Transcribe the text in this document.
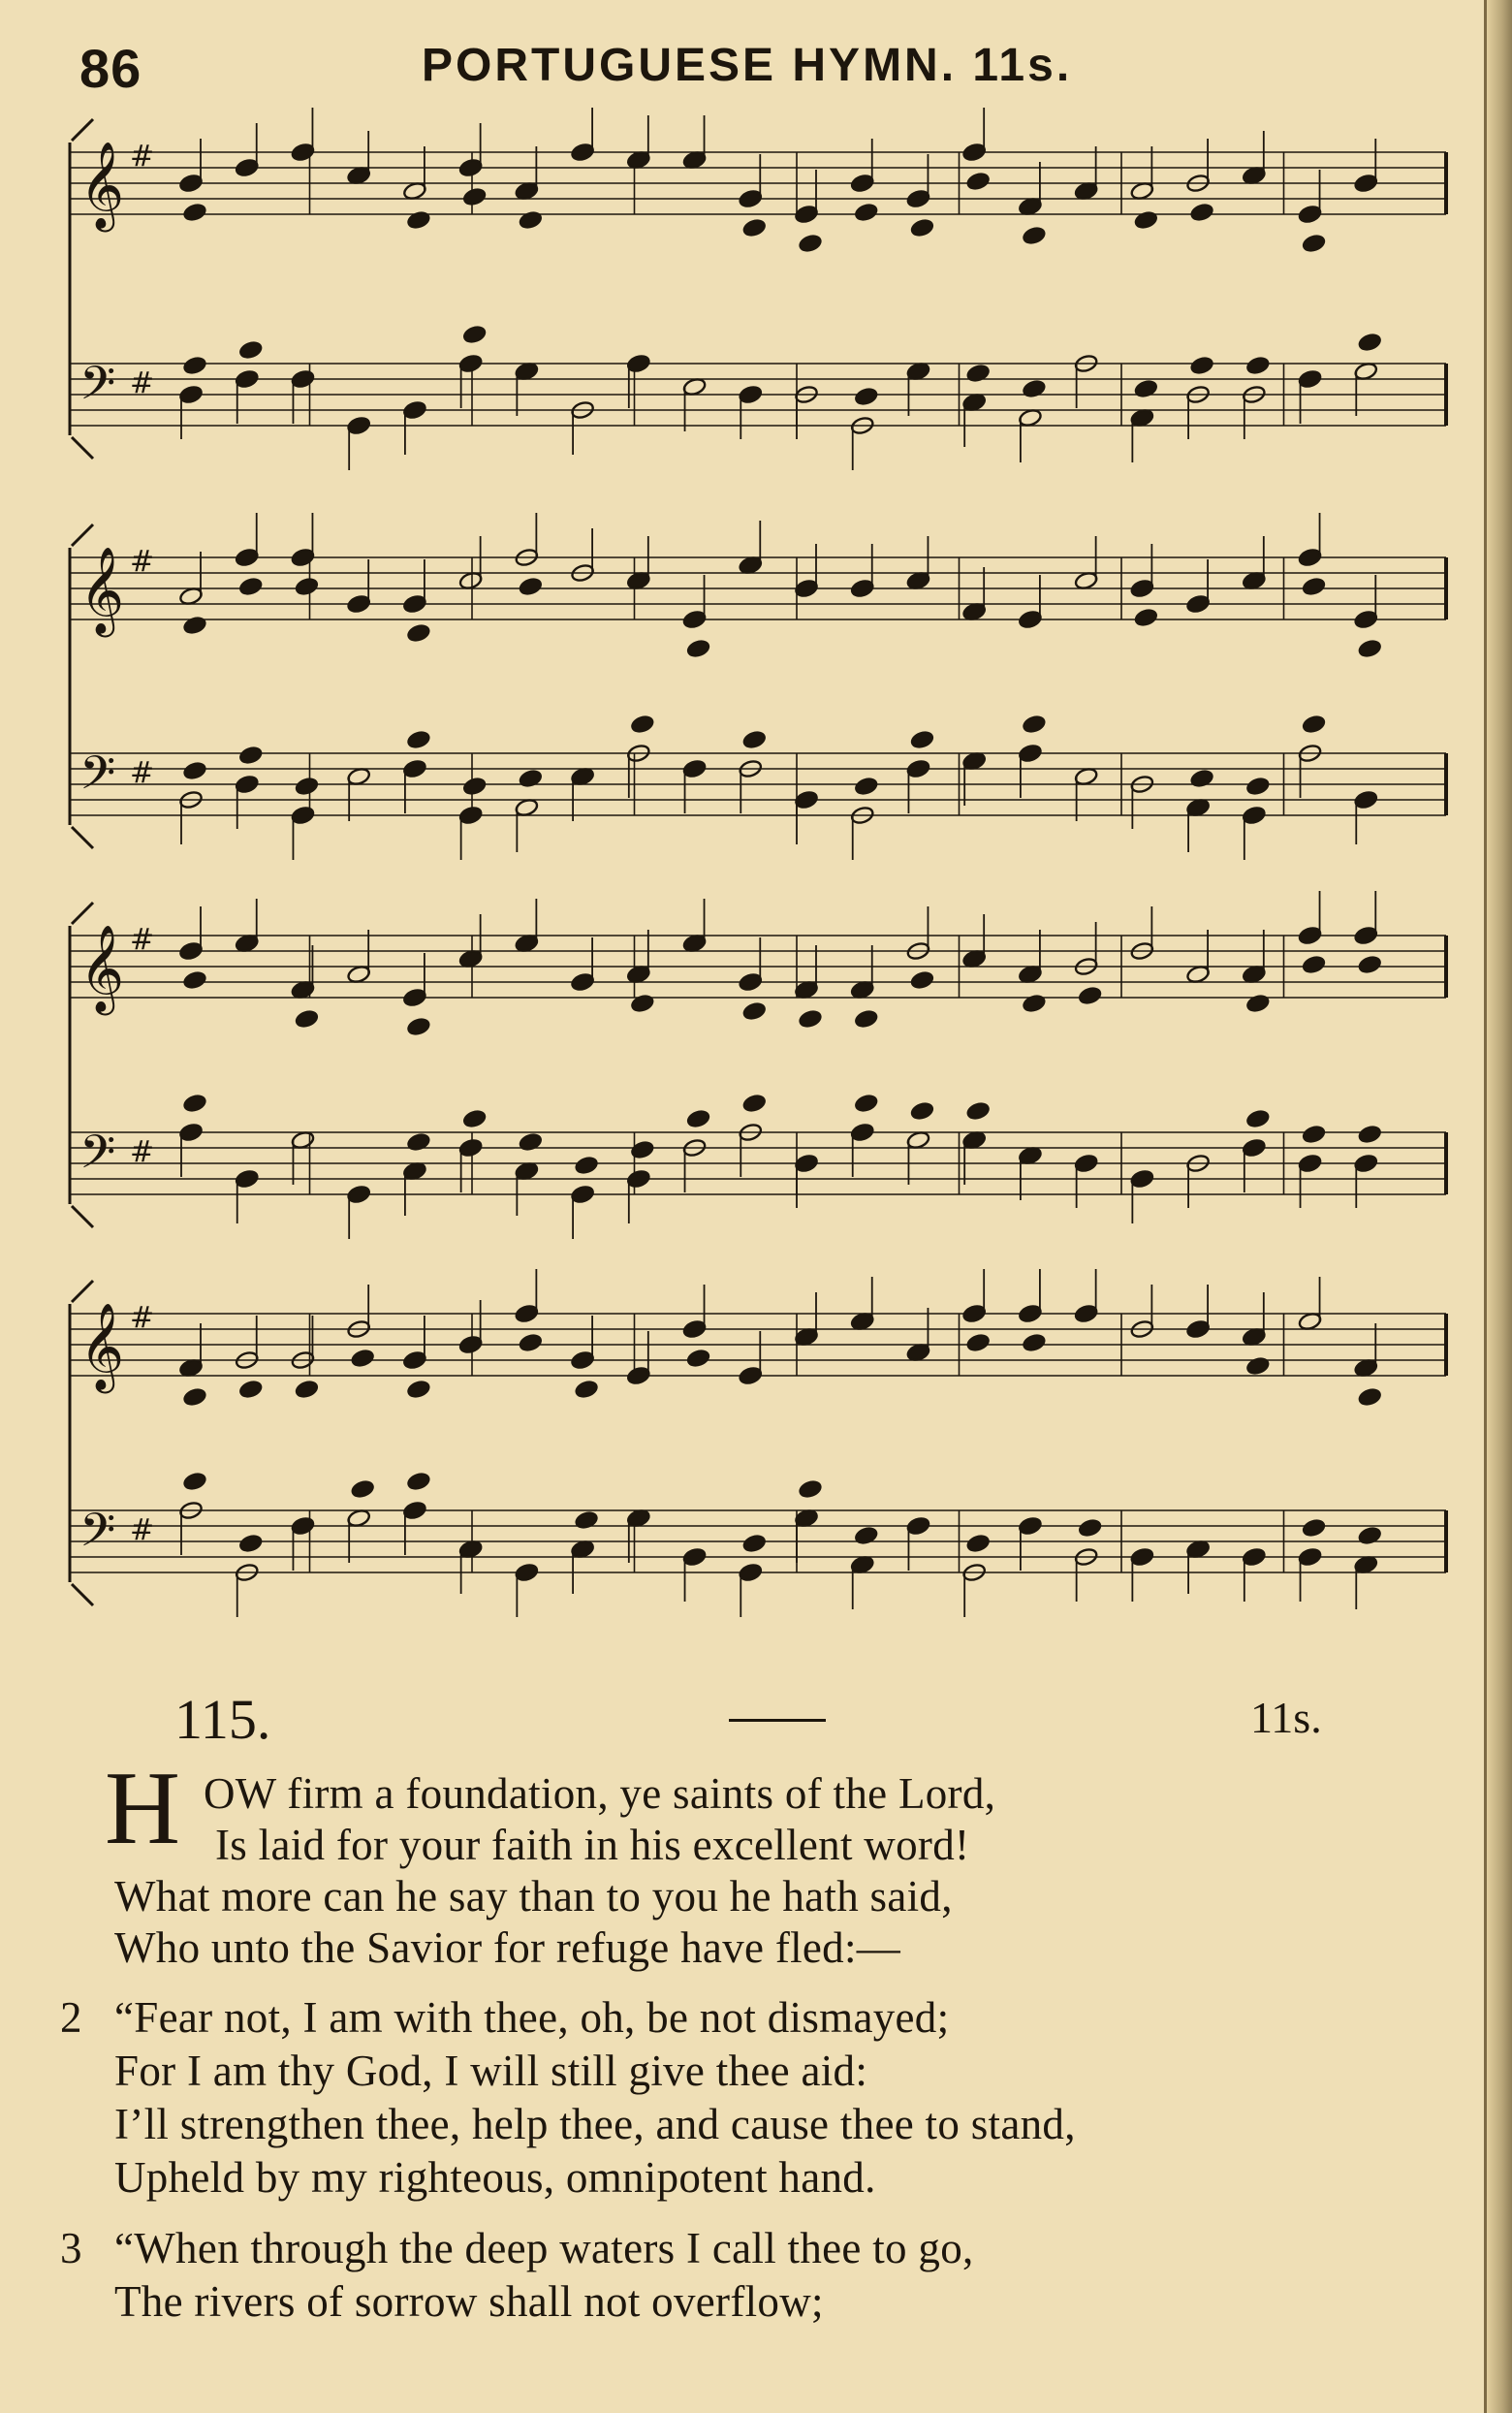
86	PORTUGUESE HYMN. 11s.
𝄞 #
𝄢 #
𝄞 #
𝄢 #
𝄞 #
𝄢 #
𝄞 #
𝄢 #
115.	11s.
H OW firm a foundation, ye saints of the Lord,
Is laid for your faith in his excellent word!
What more can he say than to you he hath said,
Who unto the Savior for refuge have fled:—
2 “Fear not, I am with thee, oh, be not dismayed;
For I am thy God, I will still give thee aid:
I’ll strengthen thee, help thee, and cause thee to stand,
Upheld by my righteous, omnipotent hand.
3 “When through the deep waters I call thee to go,
The rivers of sorrow shall not overflow;
